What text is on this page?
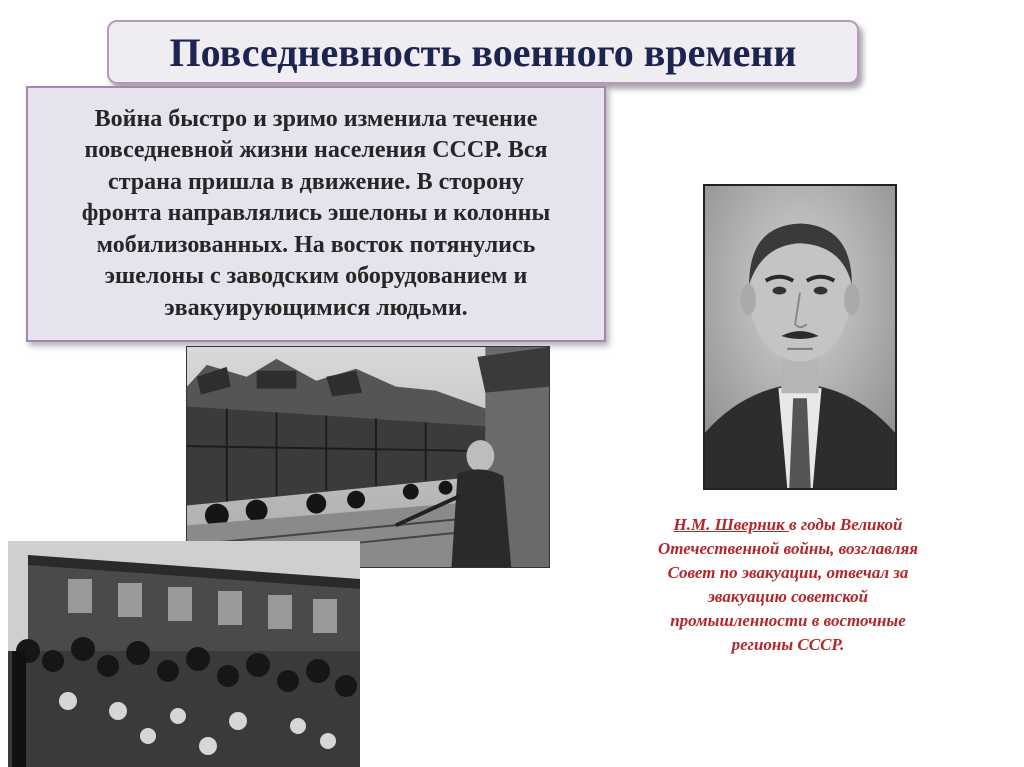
Повседневность военного времени

Война быстро и зримо изменила течение
повседневной жизни населения СССР. Вся
страна пришла в движение. В сторону
фронта направлялись эшелоны и колонны
мобилизованных. На восток потянулись
эшелоны с заводским оборудованием и
эвакуирующимися людьми.

Н.М. Шверник в годы Великой
Отечественной войны, возглавляя
Совет по эвакуации, отвечал за
эвакуацию советской
промышленности в восточные
регионы СССР.
